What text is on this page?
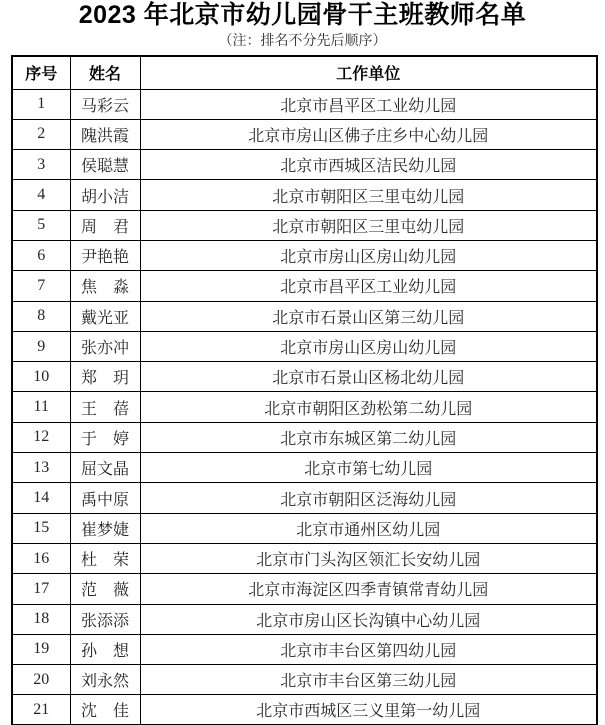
2023 年北京市幼儿园骨干主班教师名单

（注：排名不分先后顺序）

序号	姓名	工作单位
1	马彩云	北京市昌平区工业幼儿园
2	隗洪霞	北京市房山区佛子庄乡中心幼儿园
3	侯聪慧	北京市西城区洁民幼儿园
4	胡小洁	北京市朝阳区三里屯幼儿园
5	周　君	北京市朝阳区三里屯幼儿园
6	尹艳艳	北京市房山区房山幼儿园
7	焦　淼	北京市昌平区工业幼儿园
8	戴光亚	北京市石景山区第三幼儿园
9	张亦冲	北京市房山区房山幼儿园
10	郑　玥	北京市石景山区杨北幼儿园
11	王　蓓	北京市朝阳区劲松第二幼儿园
12	于　婷	北京市东城区第二幼儿园
13	屈文晶	北京市第七幼儿园
14	禹中原	北京市朝阳区泛海幼儿园
15	崔梦婕	北京市通州区幼儿园
16	杜　荣	北京市门头沟区领汇长安幼儿园
17	范　薇	北京市海淀区四季青镇常青幼儿园
18	张添添	北京市房山区长沟镇中心幼儿园
19	孙　想	北京市丰台区第四幼儿园
20	刘永然	北京市丰台区第三幼儿园
21	沈　佳	北京市西城区三义里第一幼儿园
